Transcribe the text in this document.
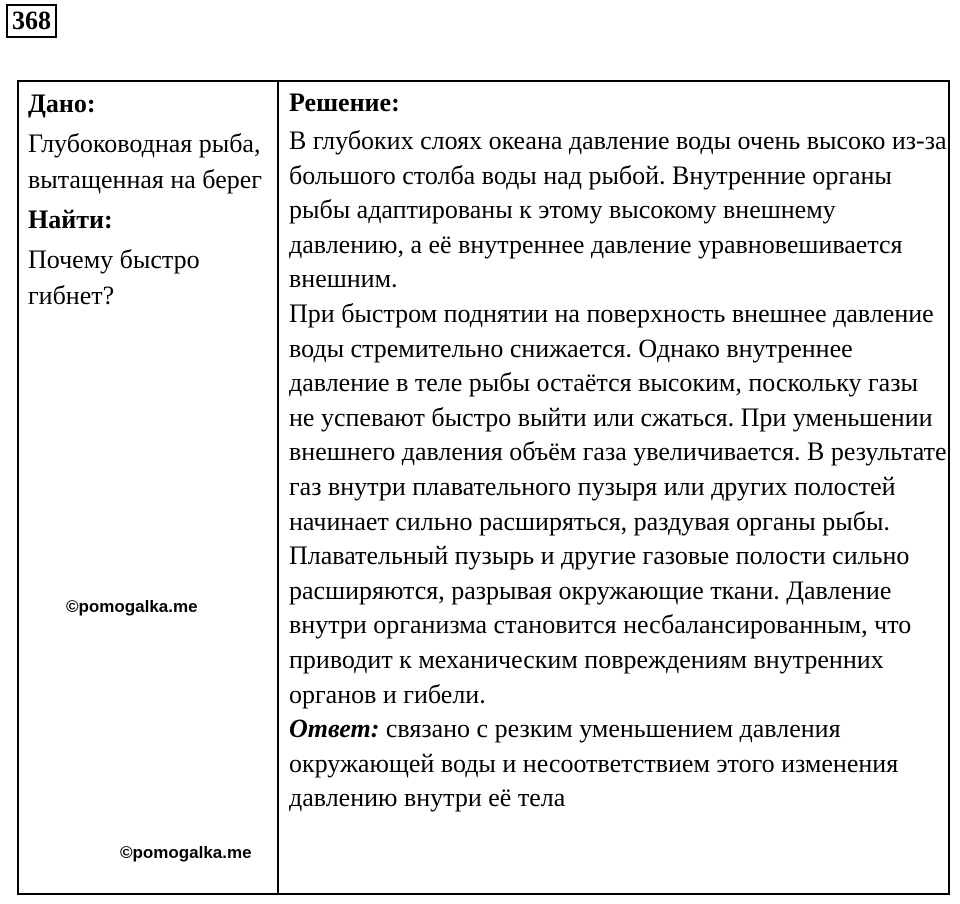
368
Дано:
Глубоководная рыба, вытащенная на берег
Найти:
Почему быстро гибнет?
Решение:
В глубоких слоях океана давление воды очень высоко из-за большого столба воды над рыбой. Внутренние органы рыбы адаптированы к этому высокому внешнему давлению, а её внутреннее давление уравновешивается внешним.
При быстром поднятии на поверхность внешнее давление воды стремительно снижается. Однако внутреннее давление в теле рыбы остаётся высоким, поскольку газы не успевают быстро выйти или сжаться. При уменьшении внешнего давления объём газа увеличивается. В результате газ внутри плавательного пузыря или других полостей начинает сильно расширяться, раздувая органы рыбы. Плавательный пузырь и другие газовые полости сильно расширяются, разрывая окружающие ткани. Давление внутри организма становится несбалансированным, что приводит к механическим повреждениям внутренних органов и гибели.
Ответ: связано с резким уменьшением давления окружающей воды и несоответствием этого изменения давлению внутри её тела
©pomogalka.me
©pomogalka.me
